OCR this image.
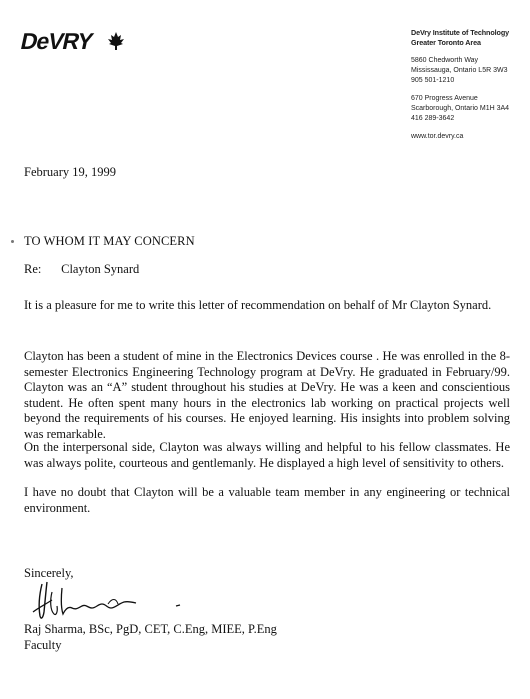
DeVRY	DeVry Institute of Technology
Greater Toronto Area
5860 Chedworth Way
Mississauga, Ontario L5R 3W3
905 501-1210
670 Progress Avenue
Scarborough, Ontario M1H 3A4
416 289-3642
www.tor.devry.ca
February 19, 1999
TO WHOM IT MAY CONCERN
Re: Clayton Synard
It is a pleasure for me to write this letter of recommendation on behalf of Mr Clayton Synard.
Clayton has been a student of mine in the Electronics Devices course . He was enrolled in the 8-semester Electronics Engineering Technology program at DeVry. He graduated in February/99. Clayton was an “A” student throughout his studies at DeVry. He was a keen and conscientious student. He often spent many hours in the electronics lab working on practical projects well beyond the requirements of his courses. He enjoyed learning. His insights into problem solving was remarkable.
On the interpersonal side, Clayton was always willing and helpful to his fellow classmates. He was always polite, courteous and gentlemanly. He displayed a high level of sensitivity to others.
I have no doubt that Clayton will be a valuable team member in any engineering or technical environment.
Sincerely,
Raj Sharma, BSc, PgD, CET, C.Eng, MIEE, P.Eng
Faculty
